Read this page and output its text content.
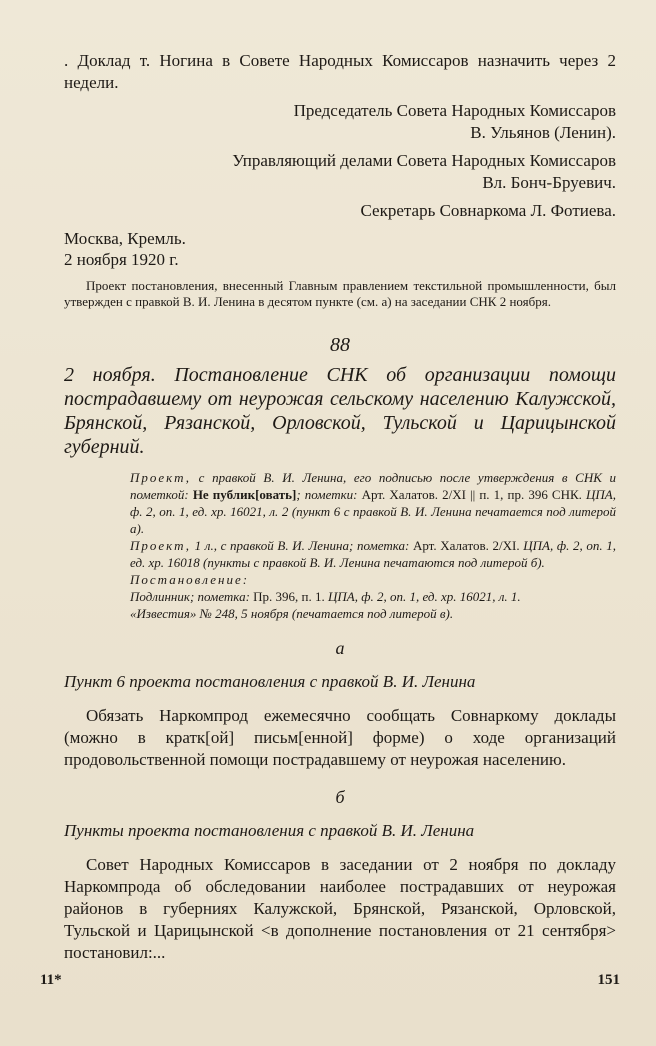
. Доклад т. Ногина в Совете Народных Комиссаров назначить через 2 недели.

Председатель Совета Народных Комиссаров
В. Ульянов (Ленин).
Управляющий делами Совета Народных Комиссаров
Вл. Бонч-Бруевич.
Секретарь Совнаркома Л. Фотиева.
Москва, Кремль.
2 ноября 1920 г.

Проект постановления, внесенный Главным правлением текстильной промышленности, был утвержден с правкой В. И. Ленина в десятом пункте (см. а) на заседании СНК 2 ноября.

88

2 ноября. Постановление СНК об организации помощи пострадавшему от неурожая сельскому населению Калужской, Брянской, Рязанской, Орловской, Тульской и Царицынской губерний.

Проект, с правкой В. И. Ленина, его подписью после утверждения в СНК и пометкой: Не публик[овать]; пометки: Арт. Халатов. 2/XI || п. 1, пр. 396 СНК. ЦПА, ф. 2, оп. 1, ед. хр. 16021, л. 2 (пункт 6 с правкой В. И. Ленина печатается под литерой а).

Проект, 1 л., с правкой В. И. Ленина; пометка: Арт. Халатов. 2/XI. ЦПА, ф. 2, оп. 1, ед. хр. 16018 (пункты с правкой В. И. Ленина печатаются под литерой б).

Постановление:

Подлинник; пометка: Пр. 396, п. 1. ЦПА, ф. 2, оп. 1, ед. хр. 16021, л. 1.

«Известия» № 248, 5 ноября (печатается под литерой в).

а

Пункт 6 проекта постановления с правкой В. И. Ленина

Обязать Наркомпрод ежемесячно сообщать Совнаркому доклады (можно в кратк[ой] письм[енной] форме) о ходе организаций продовольственной помощи пострадавшему от неурожая населению.

б

Пункты проекта постановления с правкой В. И. Ленина

Совет Народных Комиссаров в заседании от 2 ноября по докладу Наркомпрода об обследовании наиболее пострадавших от неурожая районов в губерниях Калужской, Брянской, Рязанской, Орловской, Тульской и Царицынской <в дополнение постановления от 21 сентября> постановил:...

11*	151
